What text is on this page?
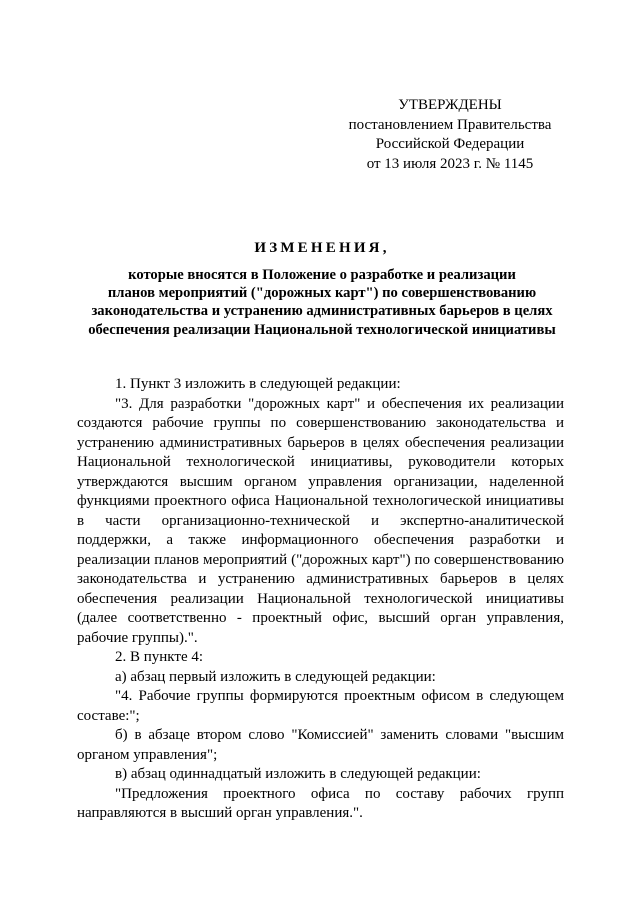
УТВЕРЖДЕНЫ
постановлением Правительства
Российской Федерации
от 13 июля 2023 г. № 1145
ИЗМЕНЕНИЯ,
которые вносятся в Положение о разработке и реализации
планов мероприятий ("дорожных карт") по совершенствованию
законодательства и устранению административных барьеров в целях
обеспечения реализации Национальной технологической инициативы

1. Пункт 3 изложить в следующей редакции:

"3. Для разработки "дорожных карт" и обеспечения их реализации создаются рабочие группы по совершенствованию законодательства и устранению административных барьеров в целях обеспечения реализации Национальной технологической инициативы, руководители которых утверждаются высшим органом управления организации, наделенной функциями проектного офиса Национальной технологической инициативы в части организационно-технической и экспертно-аналитической поддержки, а также информационного обеспечения разработки и реализации планов мероприятий ("дорожных карт") по совершенствованию законодательства и устранению административных барьеров в целях обеспечения реализации Национальной технологической инициативы (далее соответственно - проектный офис, высший орган управления, рабочие группы).".

2. В пункте 4:

а) абзац первый изложить в следующей редакции:

"4. Рабочие группы формируются проектным офисом в следующем составе:";

б) в абзаце втором слово "Комиссией" заменить словами "высшим органом управления";

в) абзац одиннадцатый изложить в следующей редакции:

"Предложения проектного офиса по составу рабочих групп направляются в высший орган управления.".
